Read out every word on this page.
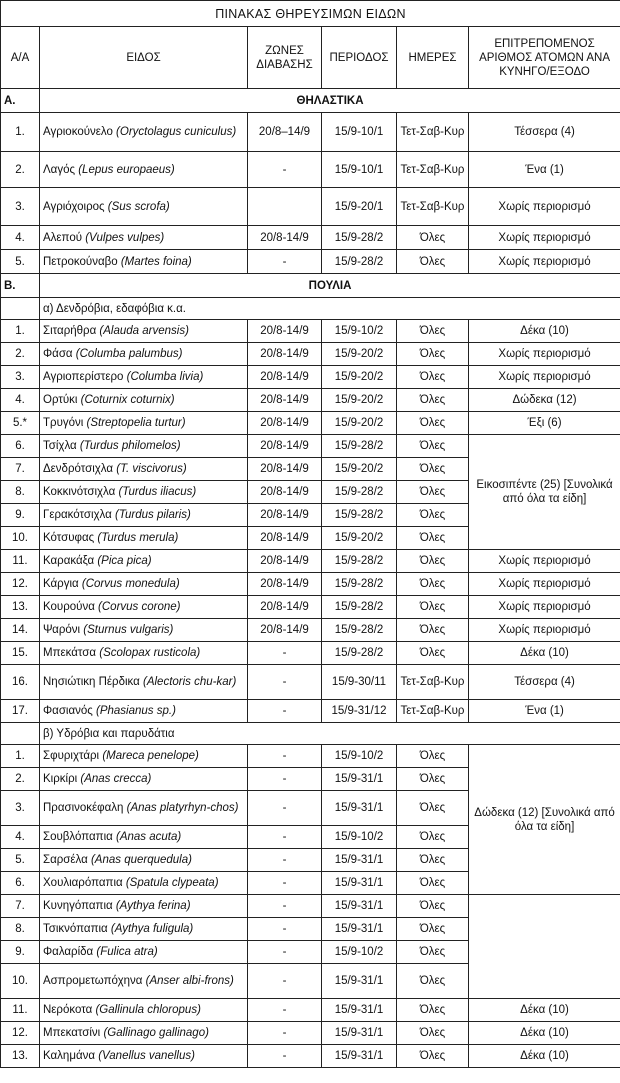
ΠΙΝΑΚΑΣ ΘΗΡΕΥΣΙΜΩΝ ΕΙΔΩΝ					
Α/Α	ΕΙΔΟΣ	ΖΩΝΕΣ ΔΙΑΒΑΣΗΣ	ΠΕΡΙΟΔΟΣ	ΗΜΕΡΕΣ	ΕΠΙΤΡΕΠΟΜΕΝΟΣ ΑΡΙΘΜΟΣ ΑΤΟΜΩΝ ΑΝΑ ΚΥΝΗΓΟ/ΕΞΟΔΟ
Α.	ΘΗΛΑΣΤΙΚΑ				
1.	Αγριοκούνελο (Oryctolagus cuniculus)	20/8–14/9	15/9-10/1	Τετ-Σαβ-Κυρ	Τέσσερα (4)
2.	Λαγός (Lepus europaeus)	-	15/9-10/1	Τετ-Σαβ-Κυρ	Ένα (1)
3.	Αγριόχοιρος (Sus scrofa)		15/9-20/1	Τετ-Σαβ-Κυρ	Χωρίς περιορισμό
4.	Αλεπού (Vulpes vulpes)	20/8-14/9	15/9-28/2	Όλες	Χωρίς περιορισμό
5.	Πετροκούναβο (Martes foina)	-	15/9-28/2	Όλες	Χωρίς περιορισμό
Β.	ΠΟΥΛΙΑ				
	α) Δενδρόβια, εδαφόβια κ.α.				
1.	Σιταρήθρα (Alauda arvensis)	20/8-14/9	15/9-10/2	Όλες	Δέκα (10)
2.	Φάσα (Columba palumbus)	20/8-14/9	15/9-20/2	Όλες	Χωρίς περιορισμό
3.	Αγριοπερίστερο (Columba livia)	20/8-14/9	15/9-20/2	Όλες	Χωρίς περιορισμό
4.	Ορτύκι (Coturnix coturnix)	20/8-14/9	15/9-20/2	Όλες	Δώδεκα (12)
5.*	Τρυγόνι (Streptopelia turtur)	20/8-14/9	15/9-20/2	Όλες	Έξι (6)
6.	Τσίχλα (Turdus philomelos)	20/8-14/9	15/9-28/2	Όλες	Εικοσιπέντε (25) [Συνολικά από όλα τα είδη]
7.	Δενδρότσιχλα (T. viscivorus)	20/8-14/9	15/9-20/2	Όλες	
8.	Κοκκινότσιχλα (Turdus iliacus)	20/8-14/9	15/9-28/2	Όλες	
9.	Γερακότσιχλα (Turdus pilaris)	20/8-14/9	15/9-28/2	Όλες	
10.	Κότσυφας (Turdus merula)	20/8-14/9	15/9-20/2	Όλες	
11.	Καρακάξα (Pica pica)	20/8-14/9	15/9-28/2	Όλες	Χωρίς περιορισμό
12.	Κάργια (Corvus monedula)	20/8-14/9	15/9-28/2	Όλες	Χωρίς περιορισμό
13.	Κουρούνα (Corvus corone)	20/8-14/9	15/9-28/2	Όλες	Χωρίς περιορισμό
14.	Ψαρόνι (Sturnus vulgaris)	20/8-14/9	15/9-28/2	Όλες	Χωρίς περιορισμό
15.	Μπεκάτσα (Scolopax rusticola)	-	15/9-28/2	Όλες	Δέκα (10)
16.	Νησιώτικη Πέρδικα (Alectoris chu-kar)	-	15/9-30/11	Τετ-Σαβ-Κυρ	Τέσσερα (4)
17.	Φασιανός (Phasianus sp.)	-	15/9-31/12	Τετ-Σαβ-Κυρ	Ένα (1)
	β) Υδρόβια και παρυδάτια				
1.	Σφυριχτάρι (Mareca penelope)	-	15/9-10/2	Όλες	Δώδεκα (12) [Συνολικά από όλα τα είδη]
2.	Κιρκίρι (Anas crecca)	-	15/9-31/1	Όλες	
3.	Πρασινοκέφαλη (Anas platyrhyn-chos)	-	15/9-31/1	Όλες	
4.	Σουβλόπαπια (Anas acuta)	-	15/9-10/2	Όλες	
5.	Σαρσέλα (Anas querquedula)	-	15/9-31/1	Όλες	
6.	Χουλιαρόπαπια (Spatula clypeata)	-	15/9-31/1	Όλες	
7.	Κυνηγόπαπια (Aythya ferina)	-	15/9-31/1	Όλες	
8.	Τσικνόπαπια (Aythya fuligula)	-	15/9-31/1	Όλες	
9.	Φαλαρίδα (Fulica atra)	-	15/9-10/2	Όλες	
10.	Ασπρομετωπόχηνα (Anser albi-frons)	-	15/9-31/1	Όλες	
11.	Νερόκοτα (Gallinula chloropus)	-	15/9-31/1	Όλες	Δέκα (10)
12.	Μπεκατσίνι (Gallinago gallinago)	-	15/9-31/1	Όλες	Δέκα (10)
13.	Καλημάνα (Vanellus vanellus)	-	15/9-31/1	Όλες	Δέκα (10)
